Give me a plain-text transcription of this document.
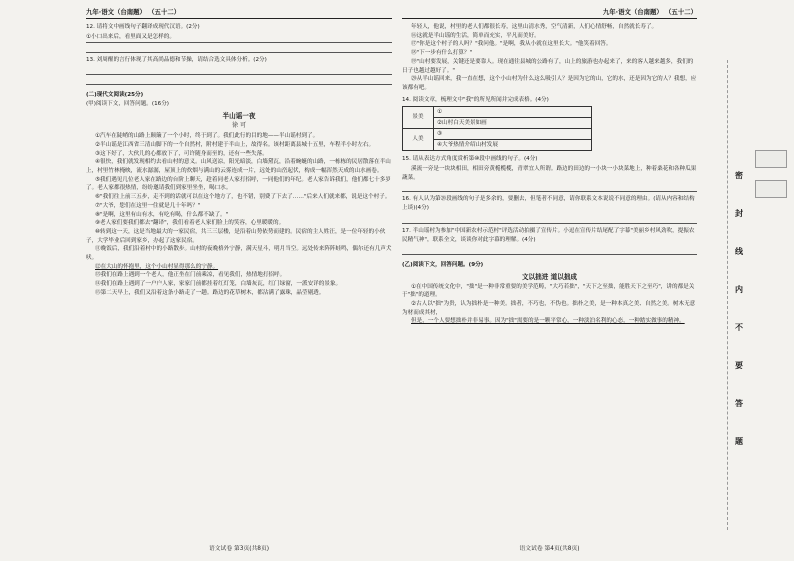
九年·语文（台南题） （五十二）
12. 请将文中画线句子翻译成现代汉语。(2分)
①小口出来后，看里面又是怎样的。
13. 刘周醒的言行体现了其高尚品德和节操，请结合选文具体分析。(2分)
(二)现代文阅读(25分)
(甲)阅读下文，回答问题。(16分)
半山谣一夜
徐 可

①汽车在陡峭的山路上颠簸了一个小时，终于到了。我们此行的目的地——半山谣村到了。

②半山谣是江西省三清山脚下的一个自然村，附村建于半山上，故得名。该村距离县城十五里，车程半小时左右。

③这下好了，大伙儿的心都放下了，可许随身而至的，还有一些失落。

④很快，我们就发现相约去看山村的意义。山风送凉，阳光暗淡，白墙黛瓦，沿着蜿蜒的山路，一栋栋的民居散落在半山上，村里竹林掩映，流水潺潺，屋顶上的炊烟与满山的云雾连成一片，远处的山峦起伏，构成一幅浑然天成的山水画卷。

⑤我们遇见几位老人家在路边的台阶上聊天，趁着同老人家打招呼，一同他们的年纪。老人家告诉我们，他们都七十多岁了。老人家都很热情，纷纷邀请我们到家里坐坐，喝口水。

⑥"我们往上前三五步，走不到的话就可以在这个地方了，也不错，别费了下去了……"后来人们就来都，说是这个村子。

⑦"大爷，您们在这里一住就是几十年吗？"

⑧"是啊，这里有山有水，有吃有喝，什么都不缺了。"

⑨老人家们要我们都去"翻译"，我们看着老人家们脸上的笑容，心里暖暖的。

⑩转到这一天，这是当地最大的一家民宿，共三三层楼，是沿着山势依势而建的。民宿的主人姓汪，是一位年轻的小伙子，大学毕业后回到家乡，办起了这家民宿。

⑪晚饭后，我们沿着村中的小路散步。山村的夜晚格外宁静，满天星斗，明月当空。远处传来阵阵蛙鸣，偶尔还有几声犬吠。

⑫在大山的怀抱里，这个小山村显得那么的宁静。

⑬我们在路上遇到一个老人，他正坐在门前乘凉，看见我们，热情地打招呼。

⑭我们在路上遇到了一户户人家，家家门前都挂着红灯笼，白墙灰瓦，红门绿窗，一派安详的景象。

⑮第二天早上，我们又沿着这条小路走了一趟。路边的花草树木，都沾满了露珠，晶莹剔透。

语文试卷 第3页(共8页)
九年·语文（台南题） （五十二）

年轻人，他说，村里的老人们都很长寿，这里山清水秀，空气清新，人们心情舒畅，自然就长寿了。

⑯这就是半山谣的生活，简单而充实，平凡而美好。

⑰"你是这个村子的人吗？"我问他。"是啊，我从小就在这里长大。"他笑着回答。

⑱"下一步有什么打算？"

⑲"山村要发展，关键还是要靠人。现在通往县城的公路有了，山上的旅游也办起来了，来的客人越来越多，我们的日子也越过越好了。"

⑳从半山谣回来，我一直在想，这个小山村为什么这么吸引人？是因为它的山，它的水，还是因为它的人？我想，应该都有吧。

14. 阅读文章，梳理文中"我"的所见所闻并完成表格。(4分)
景美	①
	②山村白天美景如画
人美	③
	④大爷热情介绍山村发展
15. 请从表达方式角度赏析第⑩段中画线的句子。(4分)

溪流一旁是一块块相田，相田旁黄栀榄榄，青翠宜人所谓。路边的田边的一小块一小块菜地上，种着桑花和各种瓜果蔬菜。

16. 有人认为第⑳段画线的句子是多余的，要删去，但笔者不同意，请你联系文本说说不同意的理由。(请从内容和结构上谈)(4分)
17. 半山谣村为参加"中国新农村示范村"评选活动拍摄了宣传片。小逗在宣传片结尾配了字幕"美丽乡村风劲吹，提振农民精气神"，联系全文，谈谈你对此字幕的理解。(4分)
(乙)阅读下文，回答问题。(9分)
文以拙进 道以拙成

①在中国传统文化中，"拙"是一种非常重要的美学范畴，"大巧若拙"，"天下之至拙，能胜天下之至巧"，讲的都是关于"拙"的道理。

②古人以"拙"为贵，认为拙朴是一种美。拙者，不巧也，不伪也。拙朴之美，是一种本真之美、自然之美。树木无意为材而成其材，

但是，一个人要想拙朴并非易事。因为"拙"需要的是一颗平常心，一种淡泊名利的心态，一种踏实做事的精神。

语文试卷 第4页(共8页)
密
封
线
内
不
要
答
题
